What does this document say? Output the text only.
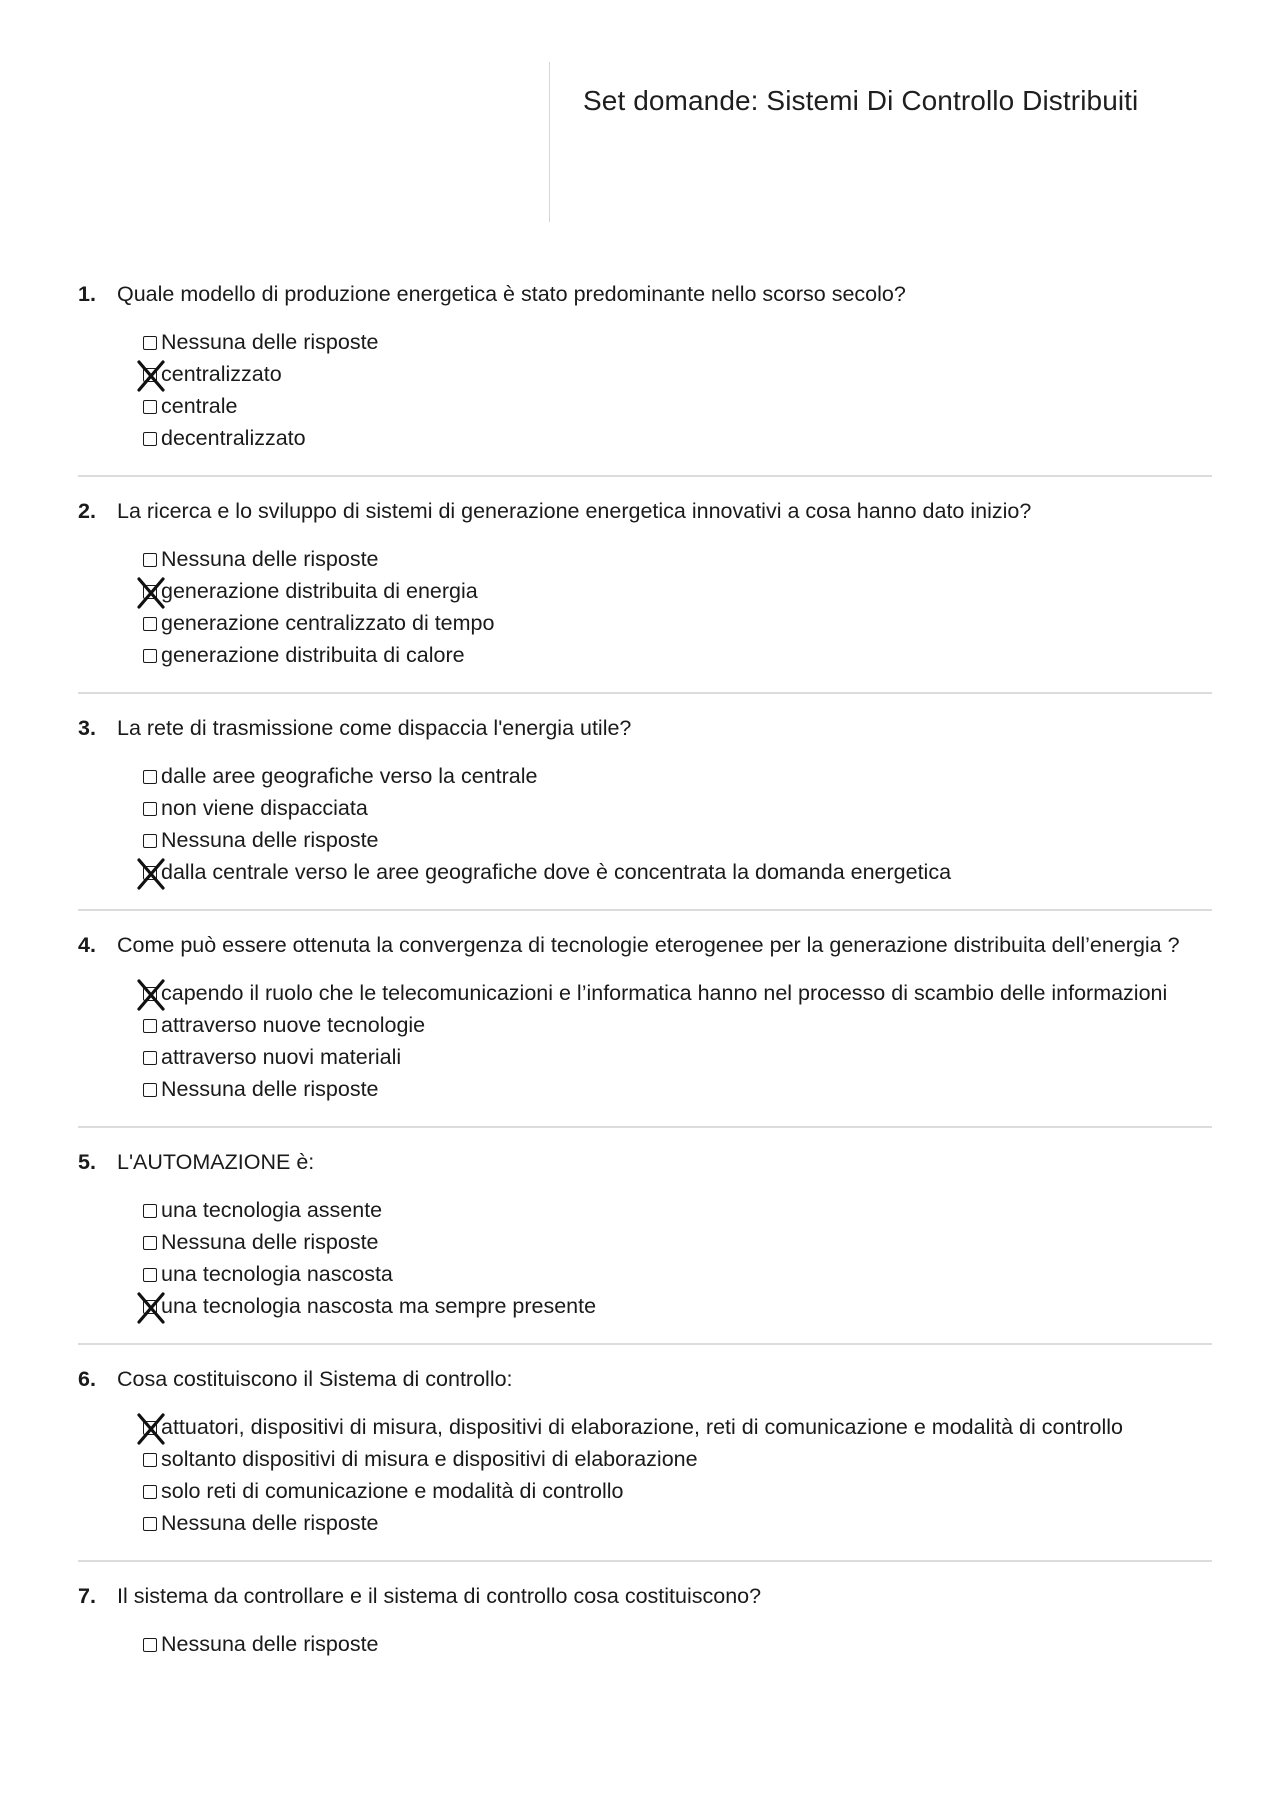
Set domande: Sistemi Di Controllo Distribuiti
1. Quale modello di produzione energetica è stato predominante nello scorso secolo?
Nessuna delle risposte
centralizzato
centrale
decentralizzato
2. La ricerca e lo sviluppo di sistemi di generazione energetica innovativi a cosa hanno dato inizio?
Nessuna delle risposte
generazione distribuita di energia
generazione centralizzato di tempo
generazione distribuita di calore
3. La rete di trasmissione come dispaccia l'energia utile?
dalle aree geografiche verso la centrale
non viene dispacciata
Nessuna delle risposte
dalla centrale verso le aree geografiche dove è concentrata la domanda energetica
4. Come può essere ottenuta la convergenza di tecnologie eterogenee per la generazione distribuita dell’energia ?
capendo il ruolo che le telecomunicazioni e l’informatica hanno nel processo di scambio delle informazioni
attraverso nuove tecnologie
attraverso nuovi materiali
Nessuna delle risposte
5. L'AUTOMAZIONE è:
una tecnologia assente
Nessuna delle risposte
una tecnologia nascosta
una tecnologia nascosta ma sempre presente
6. Cosa costituiscono il Sistema di controllo:
attuatori, dispositivi di misura, dispositivi di elaborazione, reti di comunicazione e modalità di controllo
soltanto dispositivi di misura e dispositivi di elaborazione
solo reti di comunicazione e modalità di controllo
Nessuna delle risposte
7. Il sistema da controllare e il sistema di controllo cosa costituiscono?
Nessuna delle risposte
